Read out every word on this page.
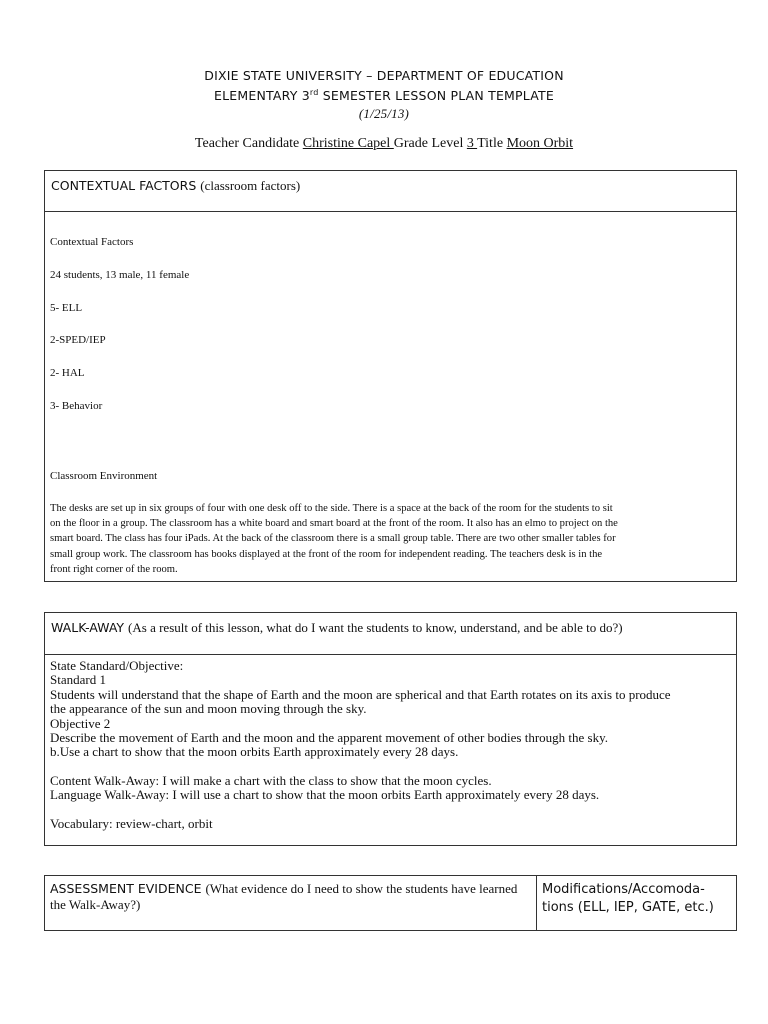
DIXIE STATE UNIVERSITY – DEPARTMENT OF EDUCATION
ELEMENTARY 3rd SEMESTER LESSON PLAN TEMPLATE
(1/25/13)
Teacher Candidate Christine Capel Grade Level 3 Title Moon Orbit
CONTEXTUAL FACTORS (classroom factors)

Contextual Factors

24 students, 13 male, 11 female

5- ELL

2-SPED/IEP

2- HAL

3- Behavior

Classroom Environment

The desks are set up in six groups of four with one desk off to the side. There is a space at the back of the room for the students to sit
on the floor in a group. The classroom has a white board and smart board at the front of the room. It also has an elmo to project on the
smart board. The class has four iPads. At the back of the classroom there is a small group table. There are two other smaller tables for
small group work. The classroom has books displayed at the front of the room for independent reading. The teachers desk is in the
front right corner of the room.
WALK-AWAY (As a result of this lesson, what do I want the students to know, understand, and be able to do?)
State Standard/Objective:
Standard 1
Students will understand that the shape of Earth and the moon are spherical and that Earth rotates on its axis to produce
the appearance of the sun and moon moving through the sky.
Objective 2
Describe the movement of Earth and the moon and the apparent movement of other bodies through the sky.
b.Use a chart to show that the moon orbits Earth approximately every 28 days.
Content Walk-Away: I will make a chart with the class to show that the moon cycles.
Language Walk-Away: I will use a chart to show that the moon orbits Earth approximately every 28 days.
Vocabulary: review-chart, orbit
ASSESSMENT EVIDENCE (What evidence do I need to show the students have learned the Walk-Away?)
Modifications/Accomoda-
tions (ELL, IEP, GATE, etc.)
